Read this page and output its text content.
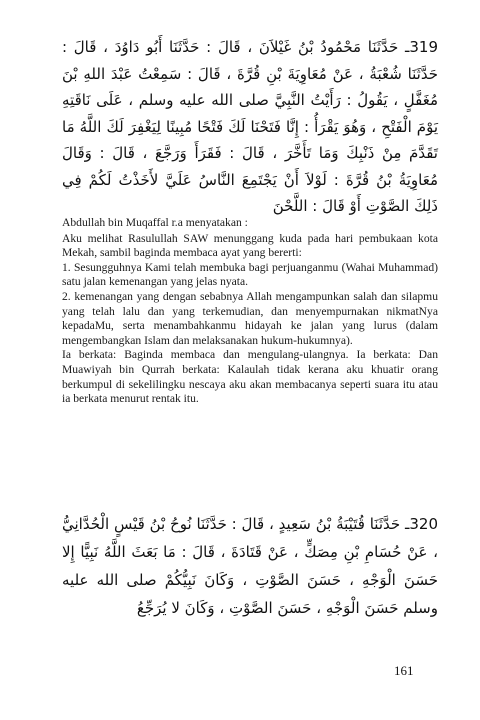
319ـ حَدَّثَنَا مَحْمُودُ بْنُ غَيْلاَنَ ، قَالَ : حَدَّثَنَا أَبُو دَاوُدَ ، قَالَ : حَدَّثَنَا شُعْبَةُ ، عَنْ مُعَاوِيَةَ بْنِ قُرَّةَ ، قَالَ : سَمِعْتُ عَبْدَ اللهِ بْنَ مُغَفَّلٍ ، يَقُولُ : رَأَيْتُ النَّبِيَّ صلى الله عليه وسلم ، عَلَى نَاقَتِهِ يَوْمَ الْفَتْحِ ، وَهُوَ يَقْرَأُ : إِنَّا فَتَحْنَا لَكَ فَتْحًا مُبِينًا لِيَغْفِرَ لَكَ اللَّهُ مَا تَقَدَّمَ مِنْ ذَنْبِكَ وَمَا تَأَخَّرَ ، قَالَ : فَقَرَأَ وَرَجَّعَ ، قَالَ : وَقَالَ مُعَاوِيَةُ بْنُ قُرَّةَ : لَوْلاَ أَنْ يَجْتَمِعَ النَّاسُ عَلَيَّ لأَخَذْتُ لَكُمْ فِي ذَلِكَ الصَّوْتِ أَوْ قَالَ : اللَّحْنَ

Abdullah bin Muqaffal r.a menyatakan :

Aku melihat Rasulullah SAW menunggang kuda pada hari pembukaan kota Mekah, sambil baginda membaca ayat yang bererti:

1. Sesungguhnya Kami telah membuka bagi perjuanganmu (Wahai Muhammad) satu jalan kemenangan yang jelas nyata.

2. kemenangan yang dengan sebabnya Allah mengampunkan salah dan silapmu yang telah lalu dan yang terkemudian, dan menyempurnakan nikmatNya kepadaMu, serta menambahkanmu hidayah ke jalan yang lurus (dalam mengembangkan Islam dan melaksanakan hukum-hukumnya).

Ia berkata: Baginda membaca dan mengulang-ulangnya. Ia berkata: Dan Muawiyah bin Qurrah berkata: Kalaulah tidak kerana aku khuatir orang berkumpul di sekelilingku nescaya aku akan membacanya seperti suara itu atau ia berkata menurut rentak itu.

320ـ حَدَّثَنَا قُتَيْبَةُ بْنُ سَعِيدٍ ، قَالَ : حَدَّثَنَا نُوحُ بْنُ قَيْسٍ الْحُدَّانِيُّ ، عَنْ حُسَامِ بْنِ مِصَكٍّ ، عَنْ قَتَادَةَ ، قَالَ : مَا بَعَثَ اللَّهُ نَبِيًّا إِلا حَسَنَ الْوَجْهِ ، حَسَنَ الصَّوْتِ ، وَكَانَ نَبِيُّكُمْ صلى الله عليه وسلم حَسَنَ الْوَجْهِ ، حَسَنَ الصَّوْتِ ، وَكَانَ لا يُرَجِّعُ

161
